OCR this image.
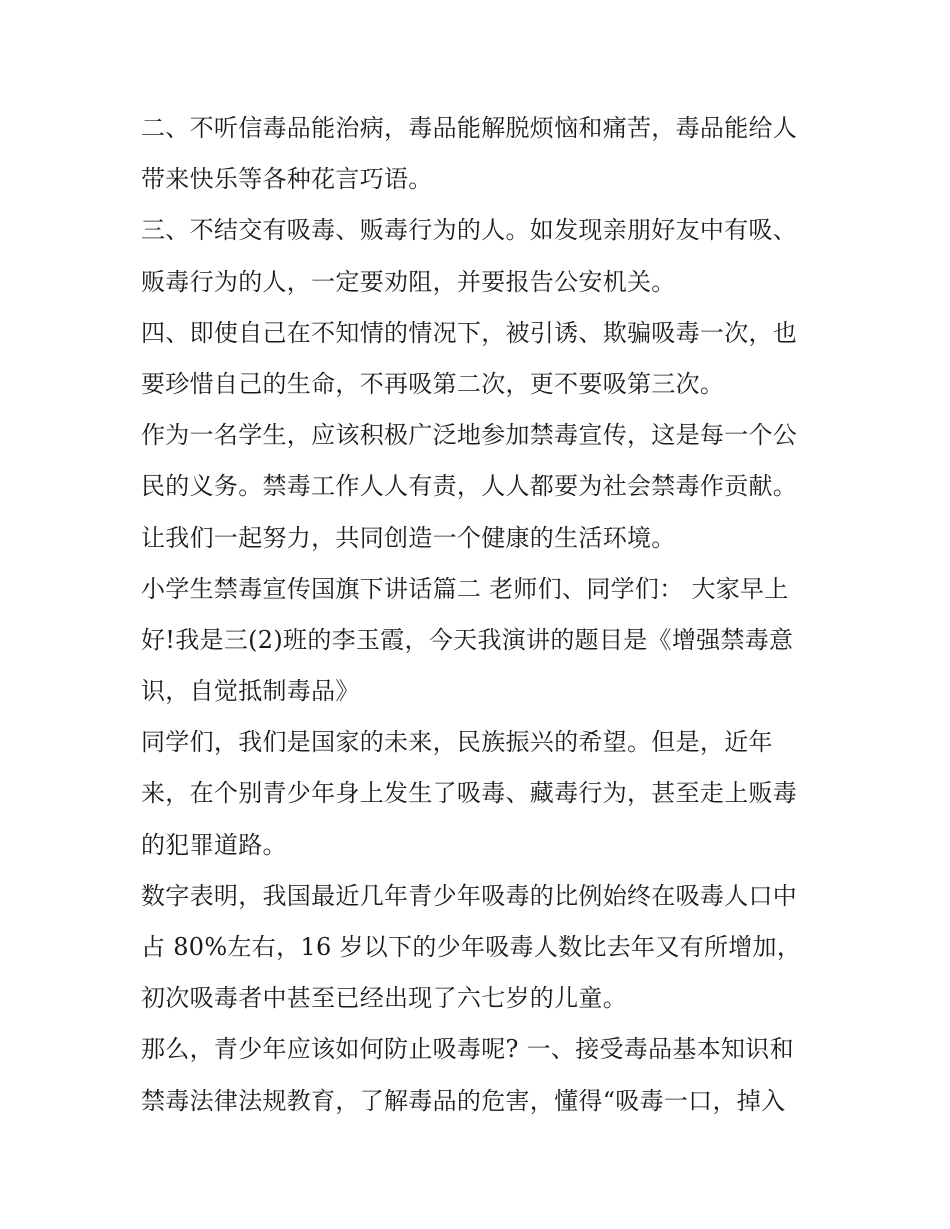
二、不听信毒品能治病，毒品能解脱烦恼和痛苦，毒品能给人
带来快乐等各种花言巧语。
三、不结交有吸毒、贩毒行为的人。如发现亲朋好友中有吸、
贩毒行为的人，一定要劝阻，并要报告公安机关。
四、即使自己在不知情的情况下，被引诱、欺骗吸毒一次，也
要珍惜自己的生命，不再吸第二次，更不要吸第三次。
作为一名学生，应该积极广泛地参加禁毒宣传，这是每一个公
民的义务。禁毒工作人人有责，人人都要为社会禁毒作贡献。
让我们一起努力，共同创造一个健康的生活环境。
小学生禁毒宣传国旗下讲话篇二 老师们、同学们： 大家早上
好!我是三(2)班的李玉霞，今天我演讲的题目是《增强禁毒意
识，自觉抵制毒品》
同学们，我们是国家的未来，民族振兴的希望。但是，近年
来，在个别青少年身上发生了吸毒、藏毒行为，甚至走上贩毒
的犯罪道路。
数字表明，我国最近几年青少年吸毒的比例始终在吸毒人口中
占 80%左右，16 岁以下的少年吸毒人数比去年又有所增加，
初次吸毒者中甚至已经出现了六七岁的儿童。
那么，青少年应该如何防止吸毒呢? 一、接受毒品基本知识和
禁毒法律法规教育，了解毒品的危害，懂得“吸毒一口，掉入
